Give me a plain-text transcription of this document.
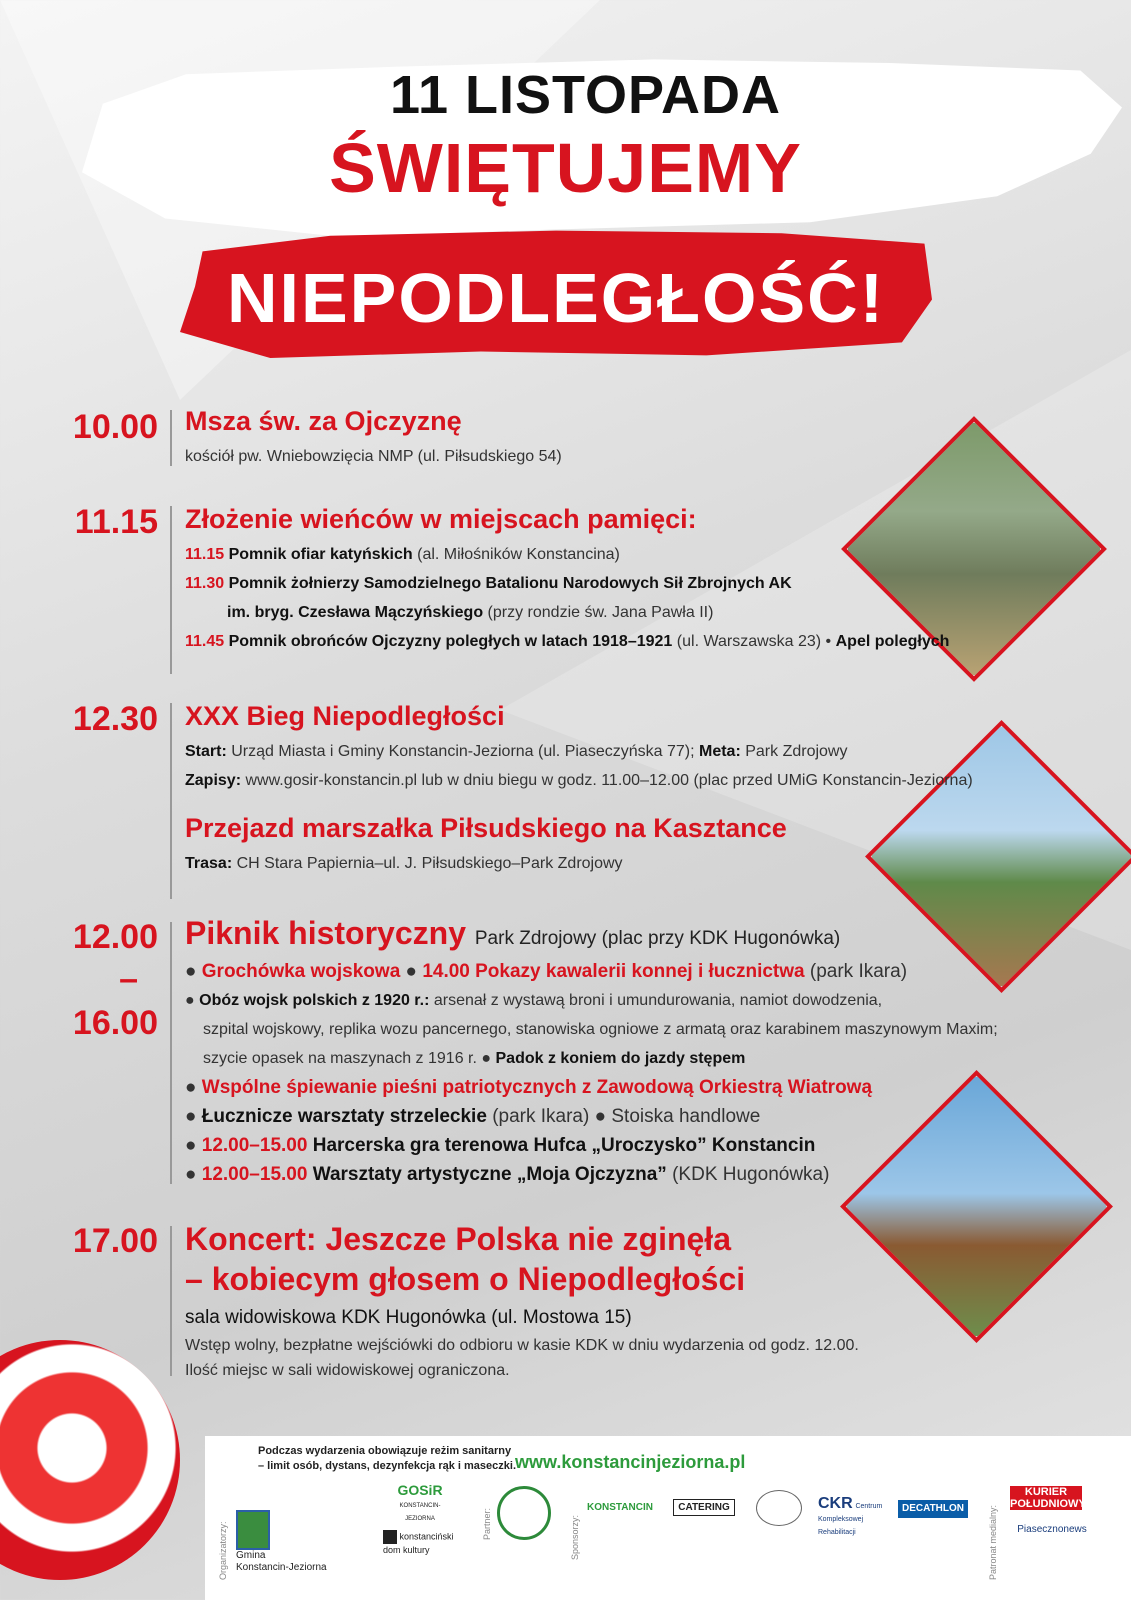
11 LISTOPADA
ŚWIĘTUJEMY
NIEPODLEGŁOŚĆ!
10.00 Msza św. za Ojczyznę
kościół pw. Wniebowzięcia NMP (ul. Piłsudskiego 54)
11.15 Złożenie wieńców w miejscach pamięci:
11.15 Pomnik ofiar katyńskich (al. Miłośników Konstancina)
11.30 Pomnik żołnierzy Samodzielnego Batalionu Narodowych Sił Zbrojnych AK
im. bryg. Czesława Mączyńskiego (przy rondzie św. Jana Pawła II)
11.45 Pomnik obrońców Ojczyzny poległych w latach 1918–1921 (ul. Warszawska 23) • Apel poległych
12.30 XXX Bieg Niepodległości
Start: Urząd Miasta i Gminy Konstancin-Jeziorna (ul. Piaseczyńska 77); Meta: Park Zdrojowy
Zapisy: www.gosir-konstancin.pl lub w dniu biegu w godz. 11.00–12.00 (plac przed UMiG Konstancin-Jeziorna)
Przejazd marszałka Piłsudskiego na Kasztance
Trasa: CH Stara Papiernia–ul. J. Piłsudskiego–Park Zdrojowy
12.00
–
16.00
Piknik historyczny Park Zdrojowy (plac przy KDK Hugonówka)
● Grochówka wojskowa ● 14.00 Pokazy kawalerii konnej i łucznictwa (park Ikara)
● Obóz wojsk polskich z 1920 r.: arsenał z wystawą broni i umundurowania, namiot dowodzenia,
szpital wojskowy, replika wozu pancernego, stanowiska ogniowe z armatą oraz karabinem maszynowym Maxim;
szycie opasek na maszynach z 1916 r. ● Padok z koniem do jazdy stępem
● Wspólne śpiewanie pieśni patriotycznych z Zawodową Orkiestrą Wiatrową
● Łucznicze warsztaty strzeleckie (park Ikara) ● Stoiska handlowe
● 12.00–15.00 Harcerska gra terenowa Hufca „Uroczysko” Konstancin
● 12.00–15.00 Warsztaty artystyczne „Moja Ojczyzna” (KDK Hugonówka)
17.00 Koncert: Jeszcze Polska nie zginęła
– kobiecym głosem o Niepodległości
sala widowiskowa KDK Hugonówka (ul. Mostowa 15)
Wstęp wolny, bezpłatne wejściówki do odbioru w kasie KDK w dniu wydarzenia od godz. 12.00.
Ilość miejsc w sali widowiskowej ograniczona.
Podczas wydarzenia obowiązuje reżim sanitarny
– limit osób, dystans, dezynfekcja rąk i maseczki.
www.konstancinjeziorna.pl
Organizatorzy:	Partner:	Sponsorzy:	Patronat medialny:
Gmina
Konstancin-Jeziorna
GOSiR
KONSTANCIN-JEZIORNA
konstanciński dom kultury
KONSTANCIN	CATERING	CKR Centrum Kompleksowej Rehabilitacji
DECATHLON
KURIER POŁUDNIOWY
Piasecznonews
